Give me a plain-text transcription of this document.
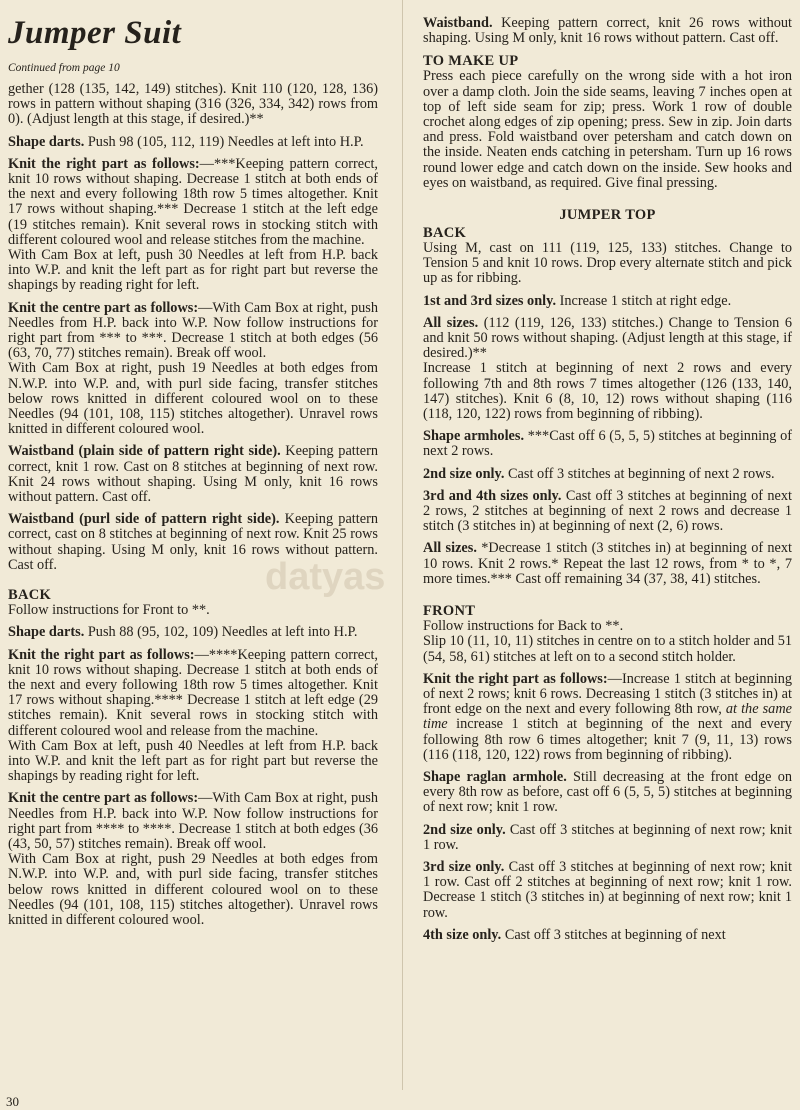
datyas
Jumper Suit
Continued from page 10

gether (128 (135, 142, 149) stitches). Knit 110 (120, 128, 136) rows in pattern without shaping (316 (326, 334, 342) rows from 0). (Adjust length at this stage, if desired.)**

Shape darts. Push 98 (105, 112, 119) Needles at left into H.P.

Knit the right part as follows:—***Keeping pattern correct, knit 10 rows without shaping. Decrease 1 stitch at both ends of the next and every following 18th row 5 times altogether. Knit 17 rows without shaping.*** Decrease 1 stitch at the left edge (19 stitches remain). Knit several rows in stocking stitch with different coloured wool and release stitches from the machine.

With Cam Box at left, push 30 Needles at left from H.P. back into W.P. and knit the left part as for right part but reverse the shapings by reading right for left.

Knit the centre part as follows:—With Cam Box at right, push Needles from H.P. back into W.P. Now follow instructions for right part from *** to ***. Decrease 1 stitch at both edges (56 (63, 70, 77) stitches remain). Break off wool.

With Cam Box at right, push 19 Needles at both edges from N.W.P. into W.P. and, with purl side facing, transfer stitches below rows knitted in different coloured wool on to these Needles (94 (101, 108, 115) stitches altogether). Unravel rows knitted in different coloured wool.

Waistband (plain side of pattern right side). Keeping pattern correct, knit 1 row. Cast on 8 stitches at beginning of next row. Knit 24 rows without shaping. Using M only, knit 16 rows without pattern. Cast off.

Waistband (purl side of pattern right side). Keeping pattern correct, cast on 8 stitches at beginning of next row. Knit 25 rows without shaping. Using M only, knit 16 rows without pattern. Cast off.

BACK

Follow instructions for Front to **.

Shape darts. Push 88 (95, 102, 109) Needles at left into H.P.

Knit the right part as follows:—****Keeping pattern correct, knit 10 rows without shaping. Decrease 1 stitch at both ends of the next and every following 18th row 5 times altogether. Knit 17 rows without shaping.**** Decrease 1 stitch at left edge (29 stitches remain). Knit several rows in stocking stitch with different coloured wool and release from the machine.

With Cam Box at left, push 40 Needles at left from H.P. back into W.P. and knit the left part as for right part but reverse the shapings by reading right for left.

Knit the centre part as follows:—With Cam Box at right, push Needles from H.P. back into W.P. Now follow instructions for right part from **** to ****. Decrease 1 stitch at both edges (36 (43, 50, 57) stitches remain). Break off wool.

With Cam Box at right, push 29 Needles at both edges from N.W.P. into W.P. and, with purl side facing, transfer stitches below rows knitted in different coloured wool on to these Needles (94 (101, 108, 115) stitches altogether). Unravel rows knitted in different coloured wool.

Waistband. Keeping pattern correct, knit 26 rows without shaping. Using M only, knit 16 rows without pattern. Cast off.

TO MAKE UP

Press each piece carefully on the wrong side with a hot iron over a damp cloth. Join the side seams, leaving 7 inches open at top of left side seam for zip; press. Work 1 row of double crochet along edges of zip opening; press. Sew in zip. Join darts and press. Fold waistband over petersham and catch down on the inside. Neaten ends catching in petersham. Turn up 16 rows round lower edge and catch down on the inside. Sew hooks and eyes on waistband, as required. Give final pressing.

JUMPER TOP
BACK

Using M, cast on 111 (119, 125, 133) stitches. Change to Tension 5 and knit 10 rows. Drop every alternate stitch and pick up as for ribbing.

1st and 3rd sizes only. Increase 1 stitch at right edge.

All sizes. (112 (119, 126, 133) stitches.) Change to Tension 6 and knit 50 rows without shaping. (Adjust length at this stage, if desired.)**

Increase 1 stitch at beginning of next 2 rows and every following 7th and 8th rows 7 times altogether (126 (133, 140, 147) stitches). Knit 6 (8, 10, 12) rows without shaping (116 (118, 120, 122) rows from beginning of ribbing).

Shape armholes. ***Cast off 6 (5, 5, 5) stitches at beginning of next 2 rows.

2nd size only. Cast off 3 stitches at beginning of next 2 rows.

3rd and 4th sizes only. Cast off 3 stitches at beginning of next 2 rows, 2 stitches at beginning of next 2 rows and decrease 1 stitch (3 stitches in) at beginning of next (2, 6) rows.

All sizes. *Decrease 1 stitch (3 stitches in) at beginning of next 10 rows. Knit 2 rows.* Repeat the last 12 rows, from * to *, 7 more times.*** Cast off remaining 34 (37, 38, 41) stitches.

FRONT

Follow instructions for Back to **.

Slip 10 (11, 10, 11) stitches in centre on to a stitch holder and 51 (54, 58, 61) stitches at left on to a second stitch holder.

Knit the right part as follows:—Increase 1 stitch at beginning of next 2 rows; knit 6 rows. Decreasing 1 stitch (3 stitches in) at front edge on the next and every following 8th row, at the same time increase 1 stitch at beginning of the next and every following 8th row 6 times altogether; knit 7 (9, 11, 13) rows (116 (118, 120, 122) rows from beginning of ribbing).

Shape raglan armhole. Still decreasing at the front edge on every 8th row as before, cast off 6 (5, 5, 5) stitches at beginning of next row; knit 1 row.

2nd size only. Cast off 3 stitches at beginning of next row; knit 1 row.

3rd size only. Cast off 3 stitches at beginning of next row; knit 1 row. Cast off 2 stitches at beginning of next row; knit 1 row. Decrease 1 stitch (3 stitches in) at beginning of next row; knit 1 row.

4th size only. Cast off 3 stitches at beginning of next

30
